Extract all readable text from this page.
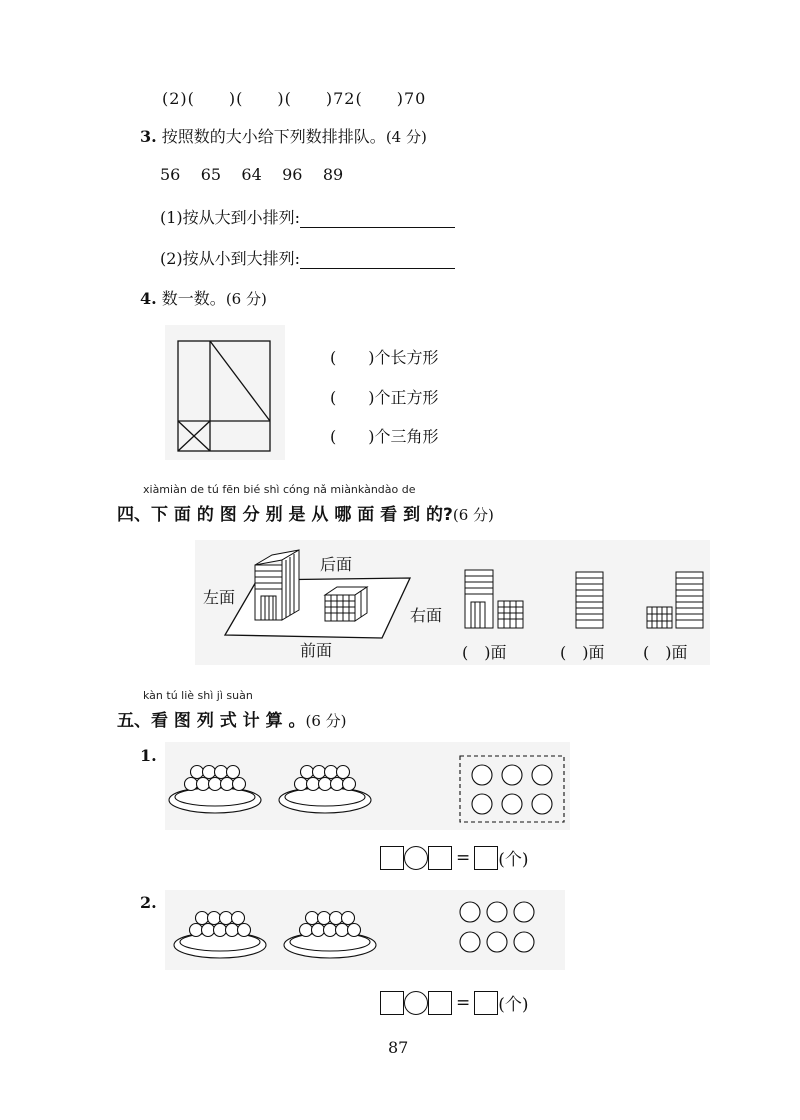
(2)(　　)(　　)(　　)72(　　)70
3. 按照数的大小给下列数排排队。(4 分)
56 65 64 96 89
(1)按从大到小排列:
(2)按从小到大排列:
4. 数一数。(6 分)
(　　)个长方形
(　　)个正方形
(　　)个三角形
xiàmiàn de tú fēn bié shì cóng nǎ miànkàndào de
四、下 面 的 图 分 别 是 从 哪 面 看 到 的?(6 分)
后面
左面
右面
前面	(　)面	(　)面 (　)面
kàn tú liè shì jì suàn
五、看 图 列 式 计 算 。(6 分)
1.
= (个)
2.
= (个)
87
